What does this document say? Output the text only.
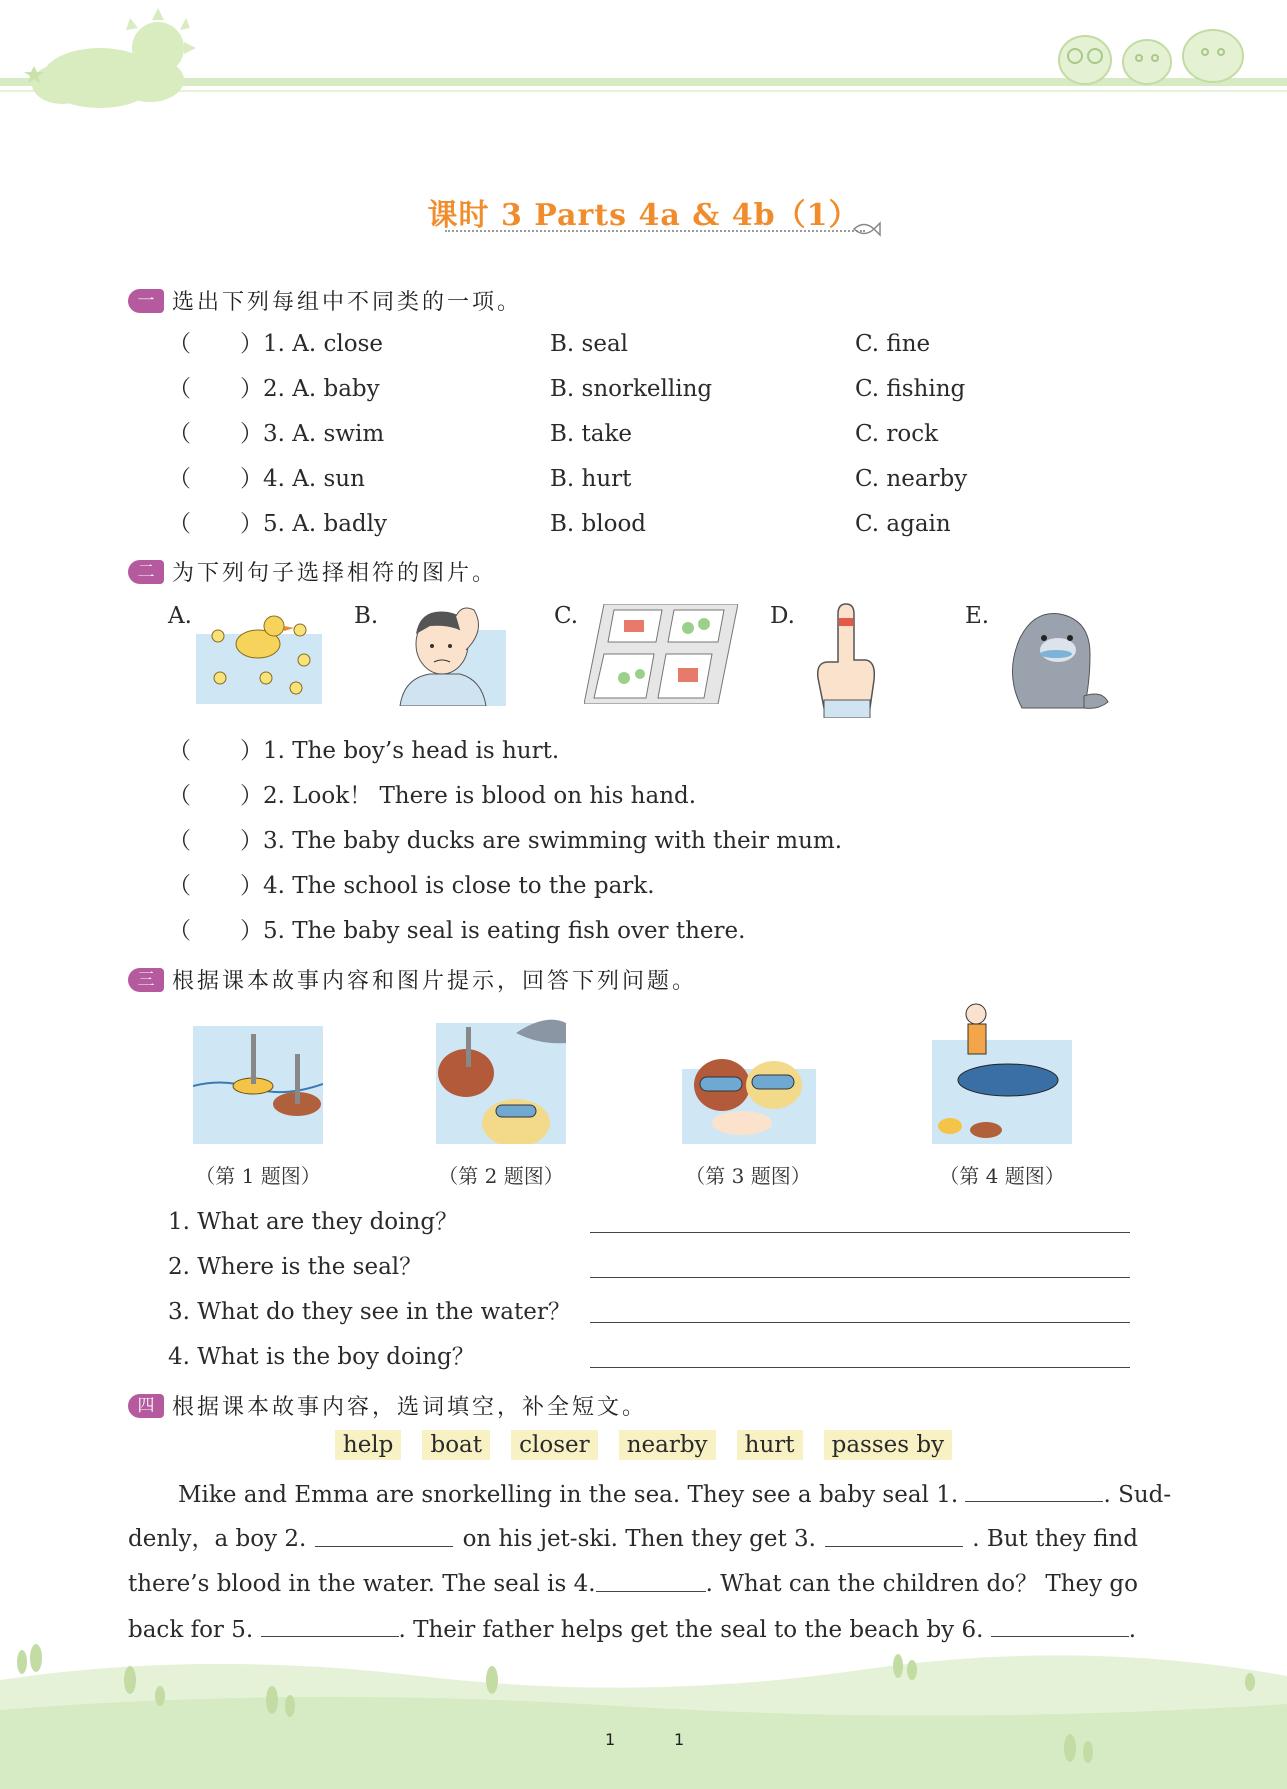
课时 3 Parts 4a & 4b（1）
一 选出下列每组中不同类的一项。
（ ）1. A. close	B. seal	C. fine
（ ）2. A. baby	B. snorkelling	C. fishing
（ ）3. A. swim	B. take	C. rock
（ ）4. A. sun	B. hurt	C. nearby
（ ）5. A. badly	B. blood	C. again
二 为下列句子选择相符的图片。
A.	B.	C.	D.	E.
（ ）1. The boy’s head is hurt.
（ ）2. Look！ There is blood on his hand.
（ ）3. The baby ducks are swimming with their mum.
（ ）4. The school is close to the park.
（ ）5. The baby seal is eating fish over there.
三 根据课本故事内容和图片提示，回答下列问题。
（第 1 题图）	（第 2 题图）	（第 3 题图）	（第 4 题图）
1. What are they doing？
2. Where is the seal？
3. What do they see in the water？
4. What is the boy doing？
四 根据课本故事内容，选词填空，补全短文。
help boat closer nearby hurt passes by
Mike and Emma are snorkelling in the sea. They see a baby seal 1.	. Sud-
denly，a boy 2.	on his jet-ski. Then they get 3.	. But they find
there’s blood in the water. The seal is 4.	. What can the children do？ They go
back for 5.	. Their father helps get the seal to the beach by 6.	.
1	1
